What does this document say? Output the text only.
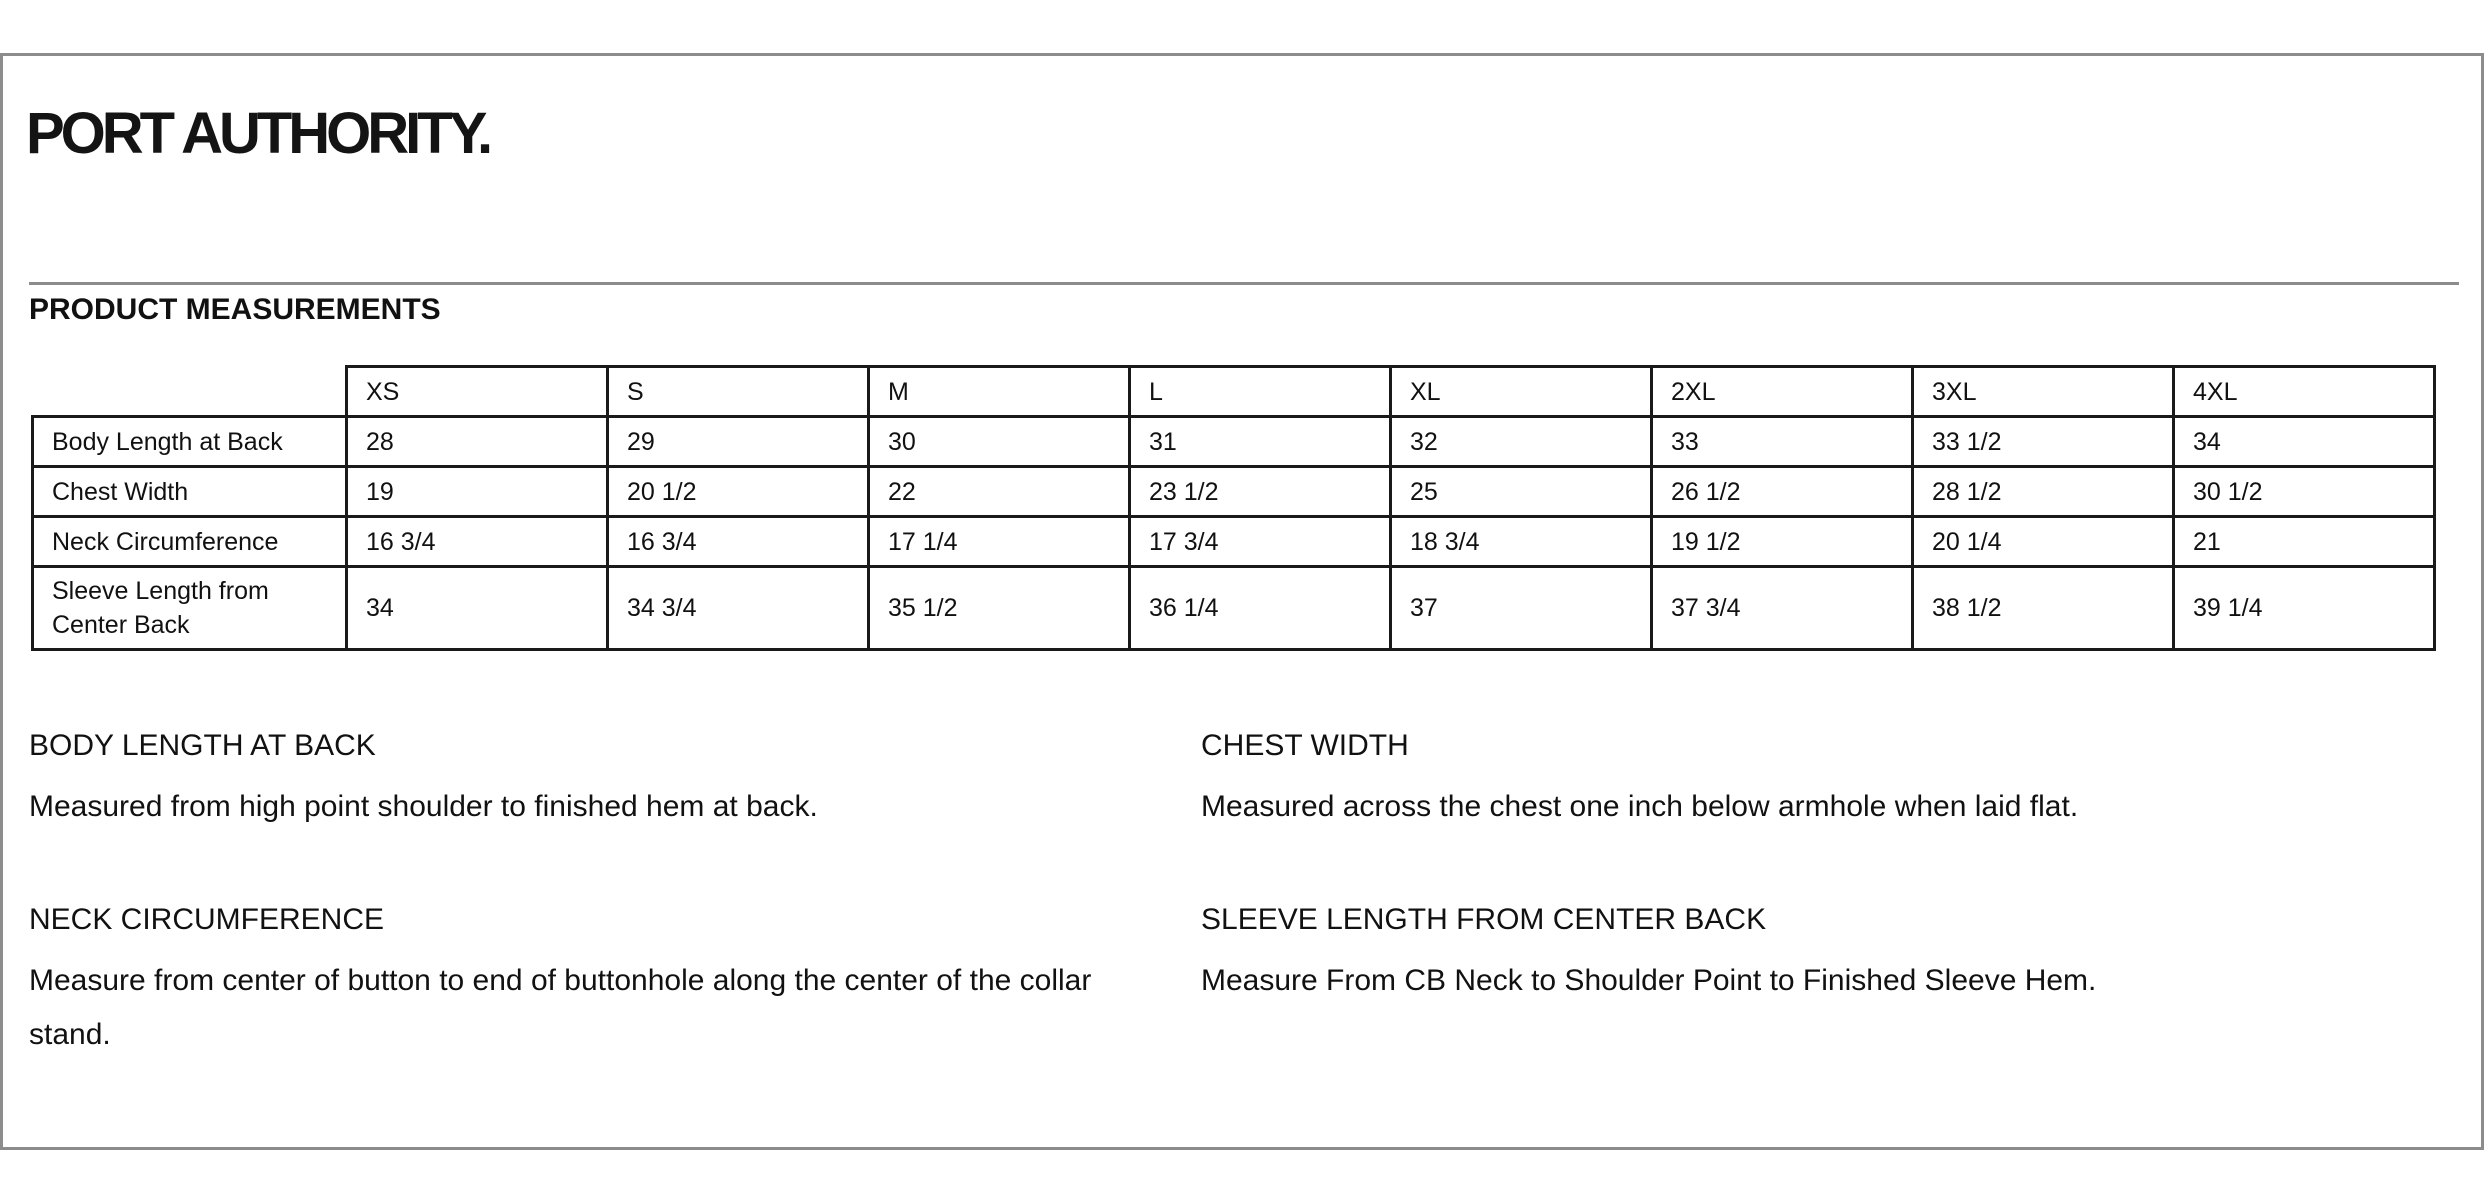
PORT AUTHORITY.
PRODUCT MEASUREMENTS
	XS	S	M	L	XL	2XL	3XL	4XL
Body Length at Back	28	29	30	31	32	33	33 1/2	34
Chest Width	19	20 1/2	22	23 1/2	25	26 1/2	28 1/2	30 1/2
Neck Circumference	16 3/4	16 3/4	17 1/4	17 3/4	18 3/4	19 1/2	20 1/4	21
Sleeve Length from Center Back	34	34 3/4	35 1/2	36 1/4	37	37 3/4	38 1/2	39 1/4
BODY LENGTH AT BACK
Measured from high point shoulder to finished hem at back.
CHEST WIDTH
Measured across the chest one inch below armhole when laid flat.
NECK CIRCUMFERENCE
Measure from center of button to end of buttonhole along the center of the collar stand.
SLEEVE LENGTH FROM CENTER BACK
Measure From CB Neck to Shoulder Point to Finished Sleeve Hem.
